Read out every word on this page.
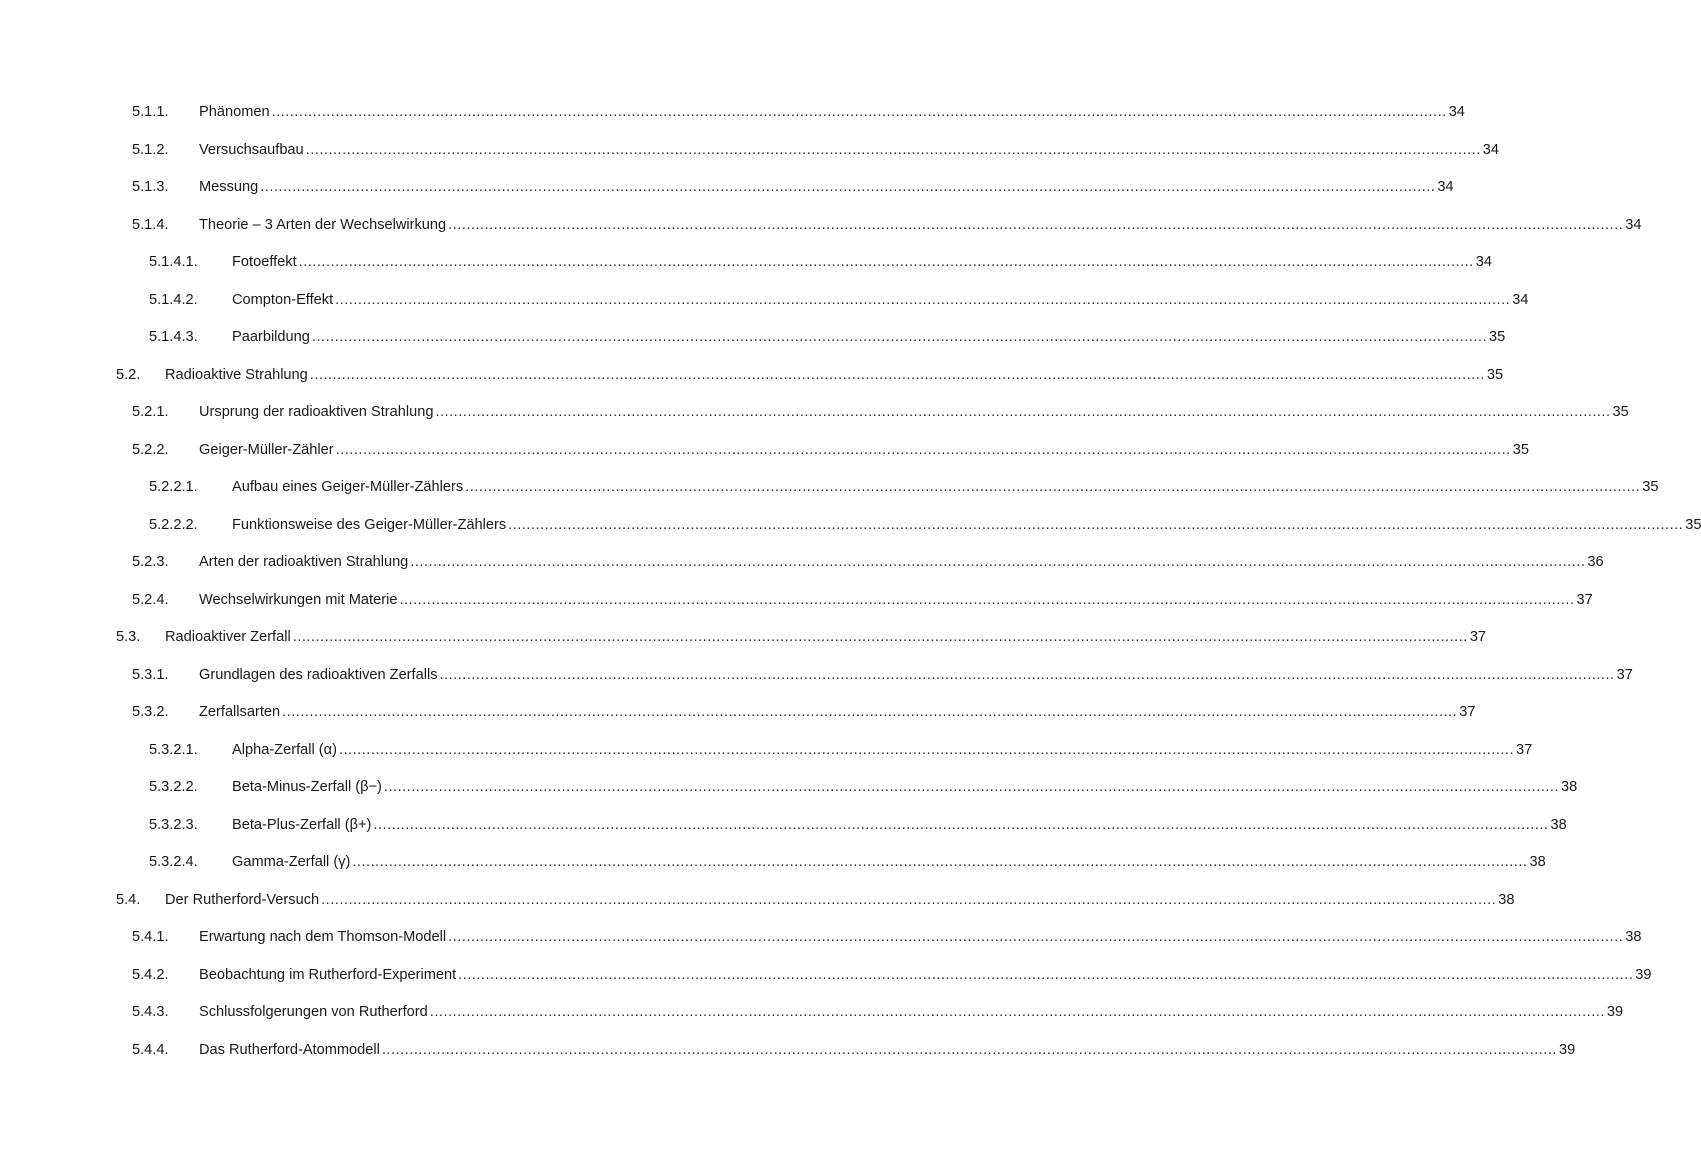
5.1.1. Phänomen .................................................................................................................................................................................................................................................................. 34
5.1.2. Versuchsaufbau .................................................................................................................................................................................................................................................................. 34
5.1.3. Messung .................................................................................................................................................................................................................................................................. 34
5.1.4. Theorie – 3 Arten der Wechselwirkung .................................................................................................................................................................................................................................................................. 34
5.1.4.1. Fotoeffekt .................................................................................................................................................................................................................................................................. 34
5.1.4.2. Compton-Effekt .................................................................................................................................................................................................................................................................. 34
5.1.4.3. Paarbildung .................................................................................................................................................................................................................................................................. 35
5.2. Radioaktive Strahlung .................................................................................................................................................................................................................................................................. 35
5.2.1. Ursprung der radioaktiven Strahlung .................................................................................................................................................................................................................................................................. 35
5.2.2. Geiger-Müller-Zähler .................................................................................................................................................................................................................................................................. 35
5.2.2.1. Aufbau eines Geiger-Müller-Zählers .................................................................................................................................................................................................................................................................. 35
5.2.2.2. Funktionsweise des Geiger-Müller-Zählers .................................................................................................................................................................................................................................................................. 35
5.2.3. Arten der radioaktiven Strahlung .................................................................................................................................................................................................................................................................. 36
5.2.4. Wechselwirkungen mit Materie .................................................................................................................................................................................................................................................................. 37
5.3. Radioaktiver Zerfall .................................................................................................................................................................................................................................................................. 37
5.3.1. Grundlagen des radioaktiven Zerfalls .................................................................................................................................................................................................................................................................. 37
5.3.2. Zerfallsarten .................................................................................................................................................................................................................................................................. 37
5.3.2.1. Alpha-Zerfall (α) .................................................................................................................................................................................................................................................................. 37
5.3.2.2. Beta-Minus-Zerfall (β−) .................................................................................................................................................................................................................................................................. 38
5.3.2.3. Beta-Plus-Zerfall (β+) .................................................................................................................................................................................................................................................................. 38
5.3.2.4. Gamma-Zerfall (γ) .................................................................................................................................................................................................................................................................. 38
5.4. Der Rutherford-Versuch .................................................................................................................................................................................................................................................................. 38
5.4.1. Erwartung nach dem Thomson-Modell .................................................................................................................................................................................................................................................................. 38
5.4.2. Beobachtung im Rutherford-Experiment .................................................................................................................................................................................................................................................................. 39
5.4.3. Schlussfolgerungen von Rutherford .................................................................................................................................................................................................................................................................. 39
5.4.4. Das Rutherford-Atommodell .................................................................................................................................................................................................................................................................. 39
